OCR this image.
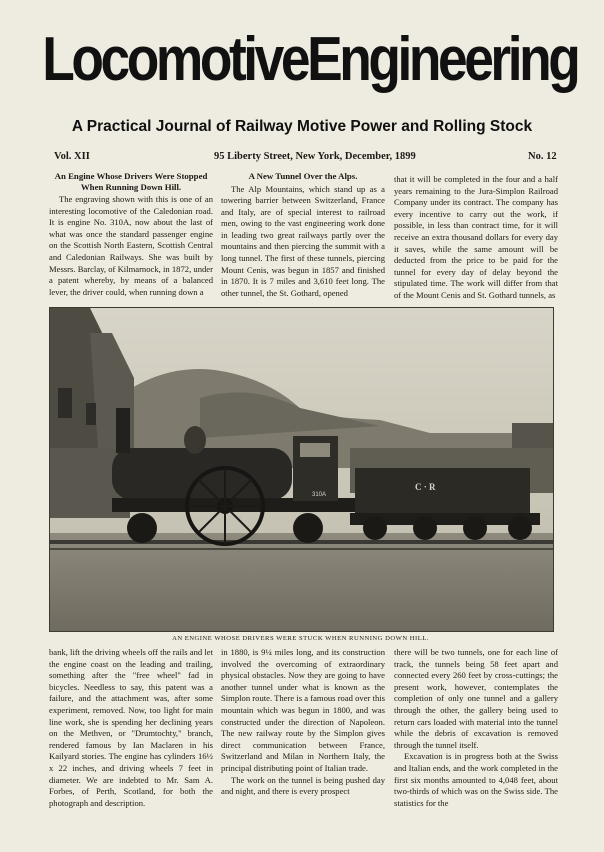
LocomotiveEngineering
A Practical Journal of Railway Motive Power and Rolling Stock
Vol. XII	95 Liberty Street, New York, December, 1899	No. 12

An Engine Whose Drivers Were Stopped When Running Down Hill.

The engraving shown with this is one of an interesting locomotive of the Caledonian road. It is engine No. 310A, now about the last of what was once the standard passenger engine on the Scottish North Eastern, Scottish Central and Caledonian Railways. She was built by Messrs. Barclay, of Kilmarnock, in 1872, under a patent whereby, by means of a balanced lever, the driver could, when running down a

A New Tunnel Over the Alps.

The Alp Mountains, which stand up as a towering barrier between Switzerland, France and Italy, are of special interest to railroad men, owing to the vast engineering work done in leading two great railways partly over the mountains and then piercing the summit with a long tunnel. The first of these tunnels, piercing Mount Cenis, was begun in 1857 and finished in 1870. It is 7 miles and 3,610 feet long. The other tunnel, the St. Gothard, opened

that it will be completed in the four and a half years remaining to the Jura-Simplon Railroad Company under its contract. The company has every incentive to carry out the work, if possible, in less than contract time, for it will receive an extra thousand dollars for every day it saves, while the same amount will be deducted from the price to be paid for the tunnel for every day of delay beyond the stipulated time. The work will differ from that of the Mount Cenis and St. Gothard tunnels, as

310A
C · R
AN ENGINE WHOSE DRIVERS WERE STUCK WHEN RUNNING DOWN HILL.

bank, lift the driving wheels off the rails and let the engine coast on the leading and trailing, something after the "free wheel" fad in bicycles. Needless to say, this patent was a failure, and the attachment was, after some experiment, removed. Now, too light for main line work, she is spending her declining years on the Methven, or "Drumtochty," branch, rendered famous by Ian Maclaren in his Kailyard stories. The engine has cylinders 16½ x 22 inches, and driving wheels 7 feet in diameter. We are indebted to Mr. Sam A. Forbes, of Perth, Scotland, for both the photograph and description.

in 1880, is 9¼ miles long, and its construction involved the overcoming of extraordinary physical obstacles. Now they are going to have another tunnel under what is known as the Simplon route. There is a famous road over this mountain which was begun in 1800, and was constructed under the direction of Napoleon. The new railway route by the Simplon gives direct communication between France, Switzerland and Milan in Northern Italy, the principal distributing point of Italian trade.

The work on the tunnel is being pushed day and night, and there is every prospect

there will be two tunnels, one for each line of track, the tunnels being 58 feet apart and connected every 260 feet by cross-cuttings; the present work, however, contemplates the completion of only one tunnel and a gallery through the other, the gallery being used to return cars loaded with material into the tunnel while the debris of excavation is removed through the tunnel itself.

Excavation is in progress both at the Swiss and Italian ends, and the work completed in the first six months amounted to 4,048 feet, about two-thirds of which was on the Swiss side. The statistics for the
